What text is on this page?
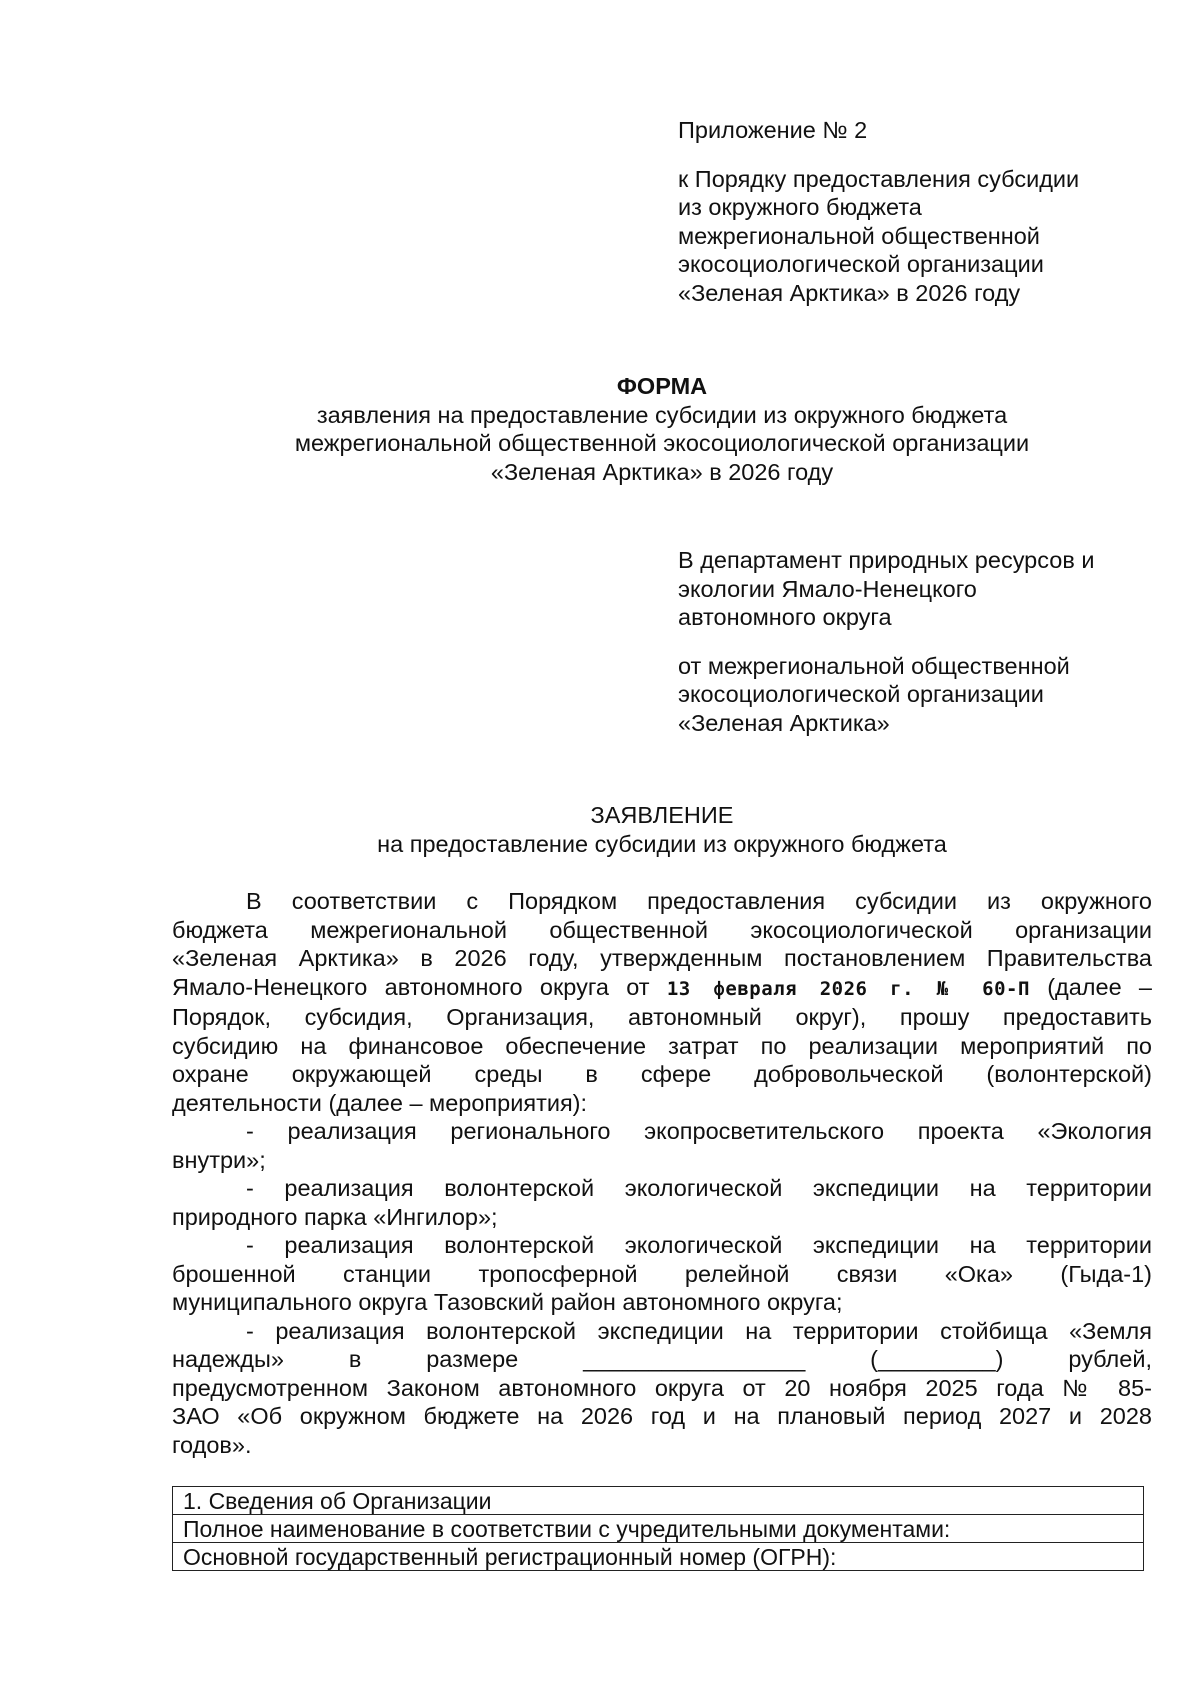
Приложение № 2
к Порядку предоставления субсидии
из окружного бюджета
межрегиональной общественной
экосоциологической организации
«Зеленая Арктика» в 2026 году
ФОРМА
заявления на предоставление субсидии из окружного бюджета
межрегиональной общественной экосоциологической организации
«Зеленая Арктика» в 2026 году
В департамент природных ресурсов и
экологии Ямало-Ненецкого
автономного округа
от межрегиональной общественной
экосоциологической организации
«Зеленая Арктика»
ЗАЯВЛЕНИЕ
на предоставление субсидии из окружного бюджета
В соответствии с Порядком предоставления субсидии из окружного
бюджета межрегиональной общественной экосоциологической организации
«Зеленая Арктика» в 2026 году, утвержденным постановлением Правительства
Ямало-Ненецкого автономного округа от 13 февраля 2026 г. № 60-П (далее –
Порядок, субсидия, Организация, автономный округ), прошу предоставить
субсидию на финансовое обеспечение затрат по реализации мероприятий по
охране окружающей среды в сфере добровольческой (волонтерской)
деятельности (далее – мероприятия):
- реализация регионального экопросветительского проекта «Экология
внутри»;
- реализация волонтерской экологической экспедиции на территории
природного парка «Ингилор»;
- реализация волонтерской экологической экспедиции на территории
брошенной станции тропосферной релейной связи «Ока» (Гыда-1)
муниципального округа Тазовский район автономного округа;
- реализация волонтерской экспедиции на территории стойбища «Земля
надежды» в размере _________________ (_________) рублей,
предусмотренном Законом автономного округа от 20 ноября 2025 года № 85-
ЗАО «Об окружном бюджете на 2026 год и на плановый период 2027 и 2028
годов».
1. Сведения об Организации
Полное наименование в соответствии с учредительными документами:
Основной государственный регистрационный номер (ОГРН):
